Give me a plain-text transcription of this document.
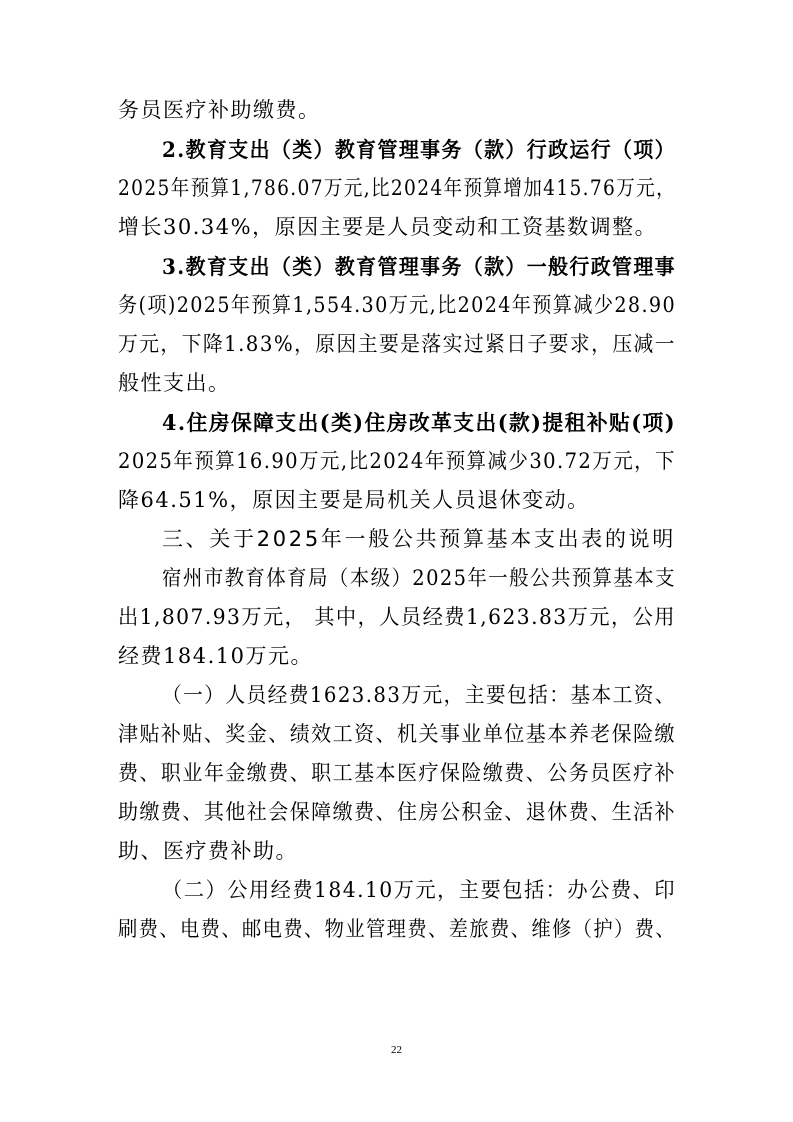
务员医疗补助缴费。
2.教育支出（类）教育管理事务（款）行政运行（项）
2025年预算1,786.07万元,比2024年预算增加415.76万元，
增长30.34%，原因主要是人员变动和工资基数调整。
3.教育支出（类）教育管理事务（款）一般行政管理事
务(项)2025年预算1,554.30万元,比2024年预算减少28.90
万元，下降1.83%，原因主要是落实过紧日子要求，压减一
般性支出。
4.住房保障支出(类)住房改革支出(款)提租补贴(项)
2025年预算16.90万元,比2024年预算减少30.72万元，下
降64.51%，原因主要是局机关人员退休变动。
三、关于2025年一般公共预算基本支出表的说明
宿州市教育体育局（本级）2025年一般公共预算基本支
出1,807.93万元， 其中，人员经费1,623.83万元，公用
经费184.10万元。
（一）人员经费1623.83万元，主要包括：基本工资、
津贴补贴、奖金、绩效工资、机关事业单位基本养老保险缴
费、职业年金缴费、职工基本医疗保险缴费、公务员医疗补
助缴费、其他社会保障缴费、住房公积金、退休费、生活补
助、医疗费补助。
（二）公用经费184.10万元，主要包括：办公费、印
刷费、电费、邮电费、物业管理费、差旅费、维修（护）费、
22
